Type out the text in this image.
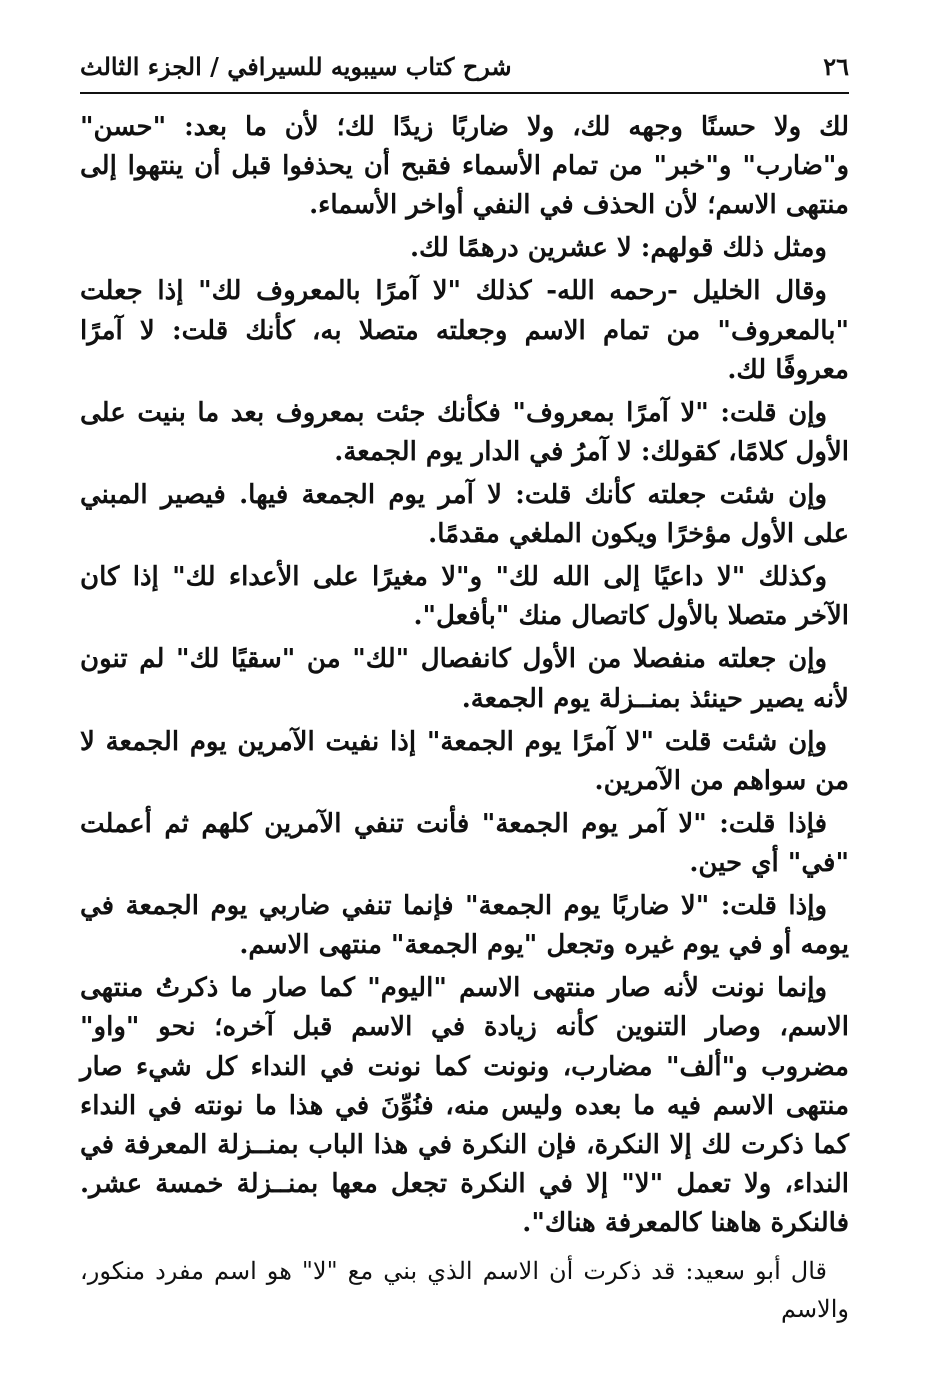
٢٦
شرح كتاب سيبويه للسيرافي / الجزء الثالث

لك ولا حسنًا وجهه لك، ولا ضاربًا زيدًا لك؛ لأن ما بعد: "حسن" و"ضارب" و"خبر" من تمام الأسماء فقبح أن يحذفوا قبل أن ينتهوا إلى منتهى الاسم؛ لأن الحذف في النفي أواخر الأسماء.

ومثل ذلك قولهم: لا عشرين درهمًا لك.

وقال الخليل -رحمه الله- كذلك "لا آمرًا بالمعروف لك" إذا جعلت "بالمعروف" من تمام الاسم وجعلته متصلا به، كأنك قلت: لا آمرًا معروفًا لك.

وإن قلت: "لا آمرًا بمعروف" فكأنك جئت بمعروف بعد ما بنيت على الأول كلامًا، كقولك: لا آمرُ في الدار يوم الجمعة.

وإن شئت جعلته كأنك قلت: لا آمر يوم الجمعة فيها. فيصير المبني على الأول مؤخرًا ويكون الملغي مقدمًا.

وكذلك "لا داعيًا إلى الله لك" و"لا مغيرًا على الأعداء لك" إذا كان الآخر متصلا بالأول كاتصال منك "بأفعل".

وإن جعلته منفصلا من الأول كانفصال "لك" من "سقيًا لك" لم تنون لأنه يصير حينئذ بمنــزلة يوم الجمعة.

وإن شئت قلت "لا آمرًا يوم الجمعة" إذا نفيت الآمرين يوم الجمعة لا من سواهم من الآمرين.

فإذا قلت: "لا آمر يوم الجمعة" فأنت تنفي الآمرين كلهم ثم أعملت "في" أي حين.

وإذا قلت: "لا ضاربًا يوم الجمعة" فإنما تنفي ضاربي يوم الجمعة في يومه أو في يوم غيره وتجعل "يوم الجمعة" منتهى الاسم.

وإنما نونت لأنه صار منتهى الاسم "اليوم" كما صار ما ذكرتُ منتهى الاسم، وصار التنوين كأنه زيادة في الاسم قبل آخره؛ نحو "واو" مضروب و"ألف" مضارب، ونونت كما نونت في النداء كل شيء صار منتهى الاسم فيه ما بعده وليس منه، فنُوِّنَ في هذا ما نونته في النداء كما ذكرت لك إلا النكرة، فإن النكرة في هذا الباب بمنــزلة المعرفة في النداء، ولا تعمل "لا" إلا في النكرة تجعل معها بمنــزلة خمسة عشر. فالنكرة هاهنا كالمعرفة هناك".

قال أبو سعيد: قد ذكرت أن الاسم الذي بني مع "لا" هو اسم مفرد منكور، والاسم
